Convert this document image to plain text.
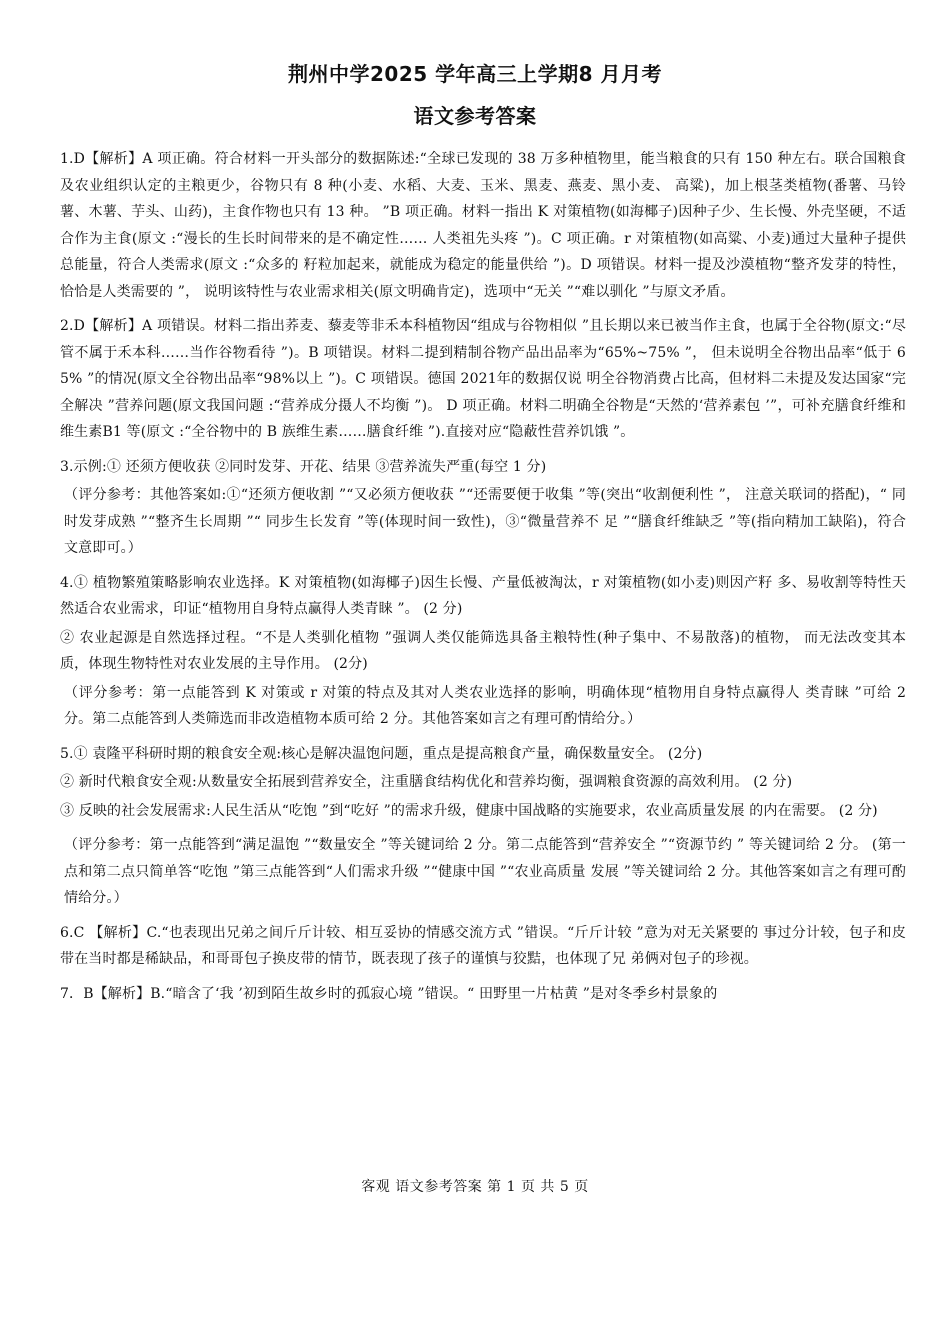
荆州中学2025 学年高三上学期8 月月考
语文参考答案

1.D【解析】A 项正确。符合材料一开头部分的数据陈述:“全球已发现的 38 万多种植物里，能当粮食的只有 150 种左右。联合国粮食及农业组织认定的主粮更少，谷物只有 8 种(小麦、水稻、大麦、玉米、黑麦、燕麦、黑小麦、 高粱)，加上根茎类植物(番薯、马铃薯、木薯、芋头、山药)，主食作物也只有 13 种。 ”B 项正确。材料一指出 K 对策植物(如海椰子)因种子少、生长慢、外壳坚硬，不适合作为主食(原文 :“漫长的生长时间带来的是不确定性…… 人类祖先头疼 ”)。C 项正确。r 对策植物(如高粱、小麦)通过大量种子提供总能量，符合人类需求(原文 :“众多的 籽粒加起来，就能成为稳定的能量供给 ”)。D 项错误。材料一提及沙漠植物“整齐发芽的特性，恰恰是人类需要的 ”， 说明该特性与农业需求相关(原文明确肯定)，选项中“无关 ”“难以驯化 ”与原文矛盾。

2.D【解析】A 项错误。材料二指出荞麦、藜麦等非禾本科植物因“组成与谷物相似 ”且长期以来已被当作主食，也属于全谷物(原文:“尽管不属于禾本科……当作谷物看待 ”)。B 项错误。材料二提到精制谷物产品出品率为“65%~75% ”， 但未说明全谷物出品率“低于 65% ”的情况(原文全谷物出品率“98%以上 ”)。C 项错误。德国 2021年的数据仅说 明全谷物消费占比高，但材料二未提及发达国家“完全解决 ”营养问题(原文我国问题 :“营养成分摄人不均衡 ”)。 D 项正确。材料二明确全谷物是“天然的‘营养素包 ’”，可补充膳食纤维和维生素B1 等(原文 :“全谷物中的 B 族维生素……膳食纤维 ”).直接对应“隐蔽性营养饥饿 ”。

3.示例:① 还须方便收获 ②同时发芽、开花、结果 ③营养流失严重(每空 1 分)

（评分参考：其他答案如:①“还须方便收割 ”“又必须方便收获 ”“还需要便于收集 ”等(突出“收割便利性 ”， 注意关联词的搭配)，“ 同时发芽成熟 ”“整齐生长周期 ”“ 同步生长发育 ”等(体现时间一致性)，③“微量营养不 足 ”“膳食纤维缺乏 ”等(指向精加工缺陷)，符合文意即可。）

4.① 植物繁殖策略影响农业选择。K 对策植物(如海椰子)因生长慢、产量低被淘汰，r 对策植物(如小麦)则因产籽 多、易收割等特性天然适合农业需求，印证“植物用自身特点赢得人类青睐 ”。 (2 分)

② 农业起源是自然选择过程。“不是人类驯化植物 ”强调人类仅能筛选具备主粮特性(种子集中、不易散落)的植物， 而无法改变其本质，体现生物特性对农业发展的主导作用。 (2分)

（评分参考：第一点能答到 K 对策或 r 对策的特点及其对人类农业选择的影响，明确体现“植物用自身特点赢得人 类青睐 ”可给 2 分。第二点能答到人类筛选而非改造植物本质可给 2 分。其他答案如言之有理可酌情给分。）

5.① 袁隆平科研时期的粮食安全观:核心是解决温饱问题，重点是提高粮食产量，确保数量安全。 (2分)

② 新时代粮食安全观:从数量安全拓展到营养安全，注重膳食结构优化和营养均衡，强调粮食资源的高效利用。 (2 分)

③ 反映的社会发展需求:人民生活从“吃饱 ”到“吃好 ”的需求升级，健康中国战略的实施要求，农业高质量发展 的内在需要。 (2 分)

（评分参考：第一点能答到“满足温饱 ”“数量安全 ”等关键词给 2 分。第二点能答到“营养安全 ”“资源节约 ” 等关键词给 2 分。 (第一点和第二点只简单答“吃饱 ”第三点能答到“人们需求升级 ”“健康中国 ”“农业高质量 发展 ”等关键词给 2 分。其他答案如言之有理可酌情给分。）

6.C 【解析】C.“也表现出兄弟之间斤斤计较、相互妥协的情感交流方式 ”错误。“斤斤计较 ”意为对无关紧要的 事过分计较，包子和皮带在当时都是稀缺品，和哥哥包子换皮带的情节，既表现了孩子的谨慎与狡黠，也体现了兄 弟俩对包子的珍视。

7．B【解析】B.“暗含了‘我 ’初到陌生故乡时的孤寂心境 ”错误。“ 田野里一片枯黄 ”是对冬季乡村景象的

客观 语文参考答案 第 1 页 共 5 页
